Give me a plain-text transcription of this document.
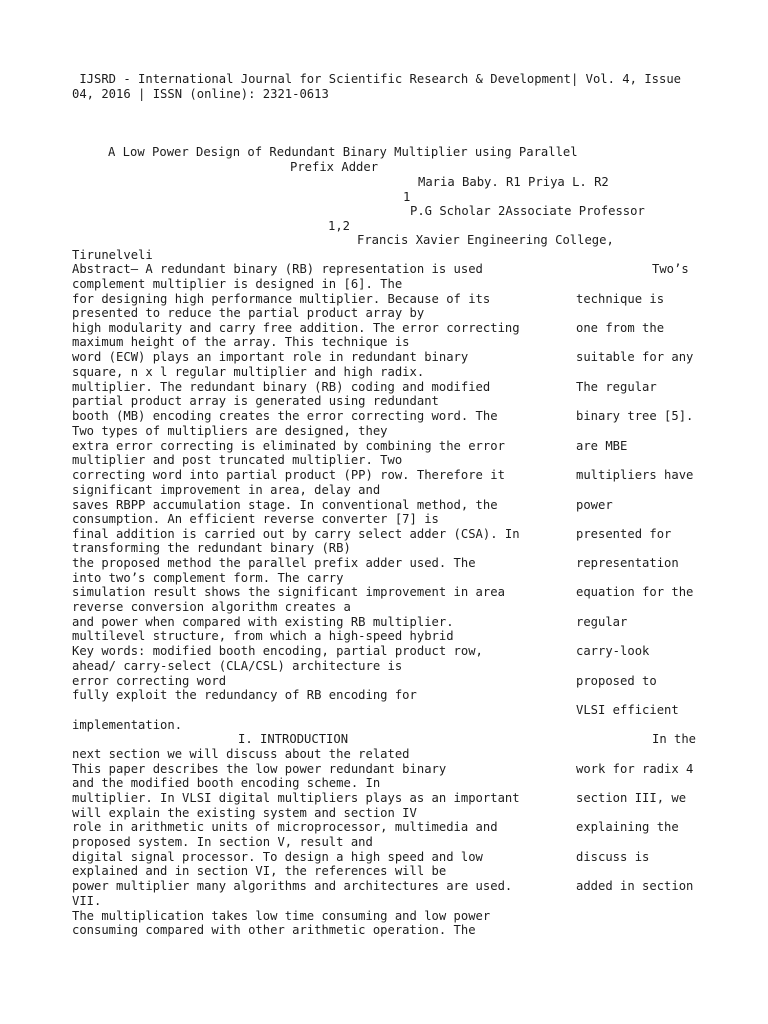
IJSRD - International Journal for Scientific Research & Development| Vol. 4, Issue
04, 2016 | ISSN (online): 2321-0613
A Low Power Design of Redundant Binary Multiplier using Parallel
Prefix Adder
Maria Baby. R1 Priya L. R2
1
P.G Scholar 2Associate Professor
1,2
Francis Xavier Engineering College,
Tirunelveli
Abstract— A redundant binary (RB) representation is used
complement multiplier is designed in [6]. The
for designing high performance multiplier. Because of its
presented to reduce the partial product array by
high modularity and carry free addition. The error correcting
maximum height of the array. This technique is
word (ECW) plays an important role in redundant binary
square, n x l regular multiplier and high radix.
multiplier. The redundant binary (RB) coding and modified
partial product array is generated using redundant
booth (MB) encoding creates the error correcting word. The
Two types of multipliers are designed, they
extra error correcting is eliminated by combining the error
multiplier and post truncated multiplier. Two
correcting word into partial product (PP) row. Therefore it
significant improvement in area, delay and
saves RBPP accumulation stage. In conventional method, the
consumption. An efficient reverse converter [7] is
final addition is carried out by carry select adder (CSA). In
transforming the redundant binary (RB)
the proposed method the parallel prefix adder used. The
into two’s complement form. The carry
simulation result shows the significant improvement in area
reverse conversion algorithm creates a
and power when compared with existing RB multiplier.
multilevel structure, from which a high-speed hybrid
Key words: modified booth encoding, partial product row,
ahead/ carry-select (CLA/CSL) architecture is
error correcting word
fully exploit the redundancy of RB encoding for
implementation.
I. INTRODUCTION
next section we will discuss about the related
This paper describes the low power redundant binary
and the modified booth encoding scheme. In
multiplier. In VLSI digital multipliers plays as an important
will explain the existing system and section IV
role in arithmetic units of microprocessor, multimedia and
proposed system. In section V, result and
digital signal processor. To design a high speed and low
explained and in section VI, the references will be
power multiplier many algorithms and architectures are used.
VII.
The multiplication takes low time consuming and low power
consuming compared with other arithmetic operation. The
Two’s
technique is
one from the
suitable for any
The regular
binary tree [5].
are MBE
multipliers have
power
presented for
representation
equation for the
regular
carry-look
proposed to
VLSI efficient
In the
work for radix 4
section III, we
explaining the
discuss is
added in section
